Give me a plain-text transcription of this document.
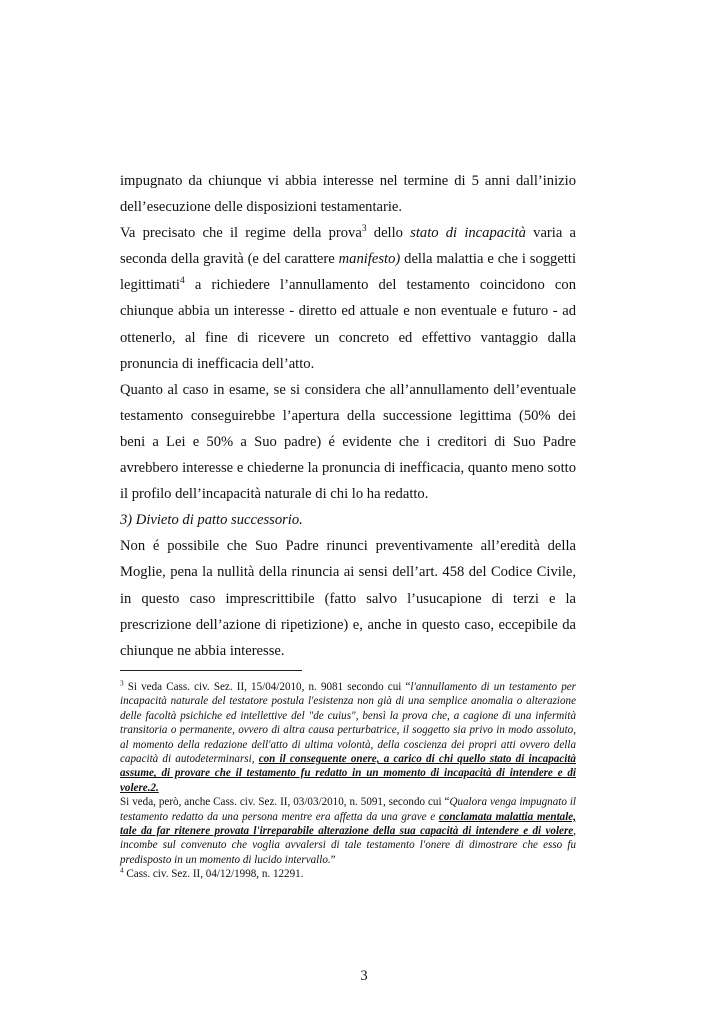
impugnato da chiunque vi abbia interesse nel termine di 5 anni dall’inizio dell’esecuzione delle disposizioni testamentarie.

Va precisato che il regime della prova$^3$ dello stato di incapacità varia a seconda della gravità (e del carattere manifesto) della malattia e che i soggetti legittimati$^4$ a richiedere l’annullamento del testamento coincidono con chiunque abbia un interesse - diretto ed attuale e non eventuale e futuro - ad ottenerlo, al fine di ricevere un concreto ed effettivo vantaggio dalla pronuncia di inefficacia dell’atto.

Quanto al caso in esame, se si considera che all’annullamento dell’eventuale testamento conseguirebbe l’apertura della successione legittima (50% dei beni a Lei e 50% a Suo padre) é evidente che i creditori di Suo Padre avrebbero interesse e chiederne la pronuncia di inefficacia, quanto meno sotto il profilo dell’incapacità naturale di chi lo ha redatto.

3) Divieto di patto successorio.

Non é possibile che Suo Padre rinunci preventivamente all’eredità della Moglie, pena la nullità della rinuncia ai sensi dell’art. 458 del Codice Civile, in questo caso imprescrittibile (fatto salvo l’usucapione di terzi e la prescrizione dell’azione di ripetizione) e, anche in questo caso, eccepibile da chiunque ne abbia interesse.

$^3$ Si veda Cass. civ. Sez. II, 15/04/2010, n. 9081 secondo cui “l'annullamento di un testamento per incapacità naturale del testatore postula l'esistenza non già di una semplice anomalia o alterazione delle facoltà psichiche ed intellettive del "de cuius", bensì la prova che, a cagione di una infermità transitoria o permanente, ovvero di altra causa perturbatrice, il soggetto sia privo in modo assoluto, al momento della redazione dell'atto di ultima volontà, della coscienza dei propri atti ovvero della capacità di autodeterminarsi, con il conseguente onere, a carico di chi quello stato di incapacità assume, di provare che il testamento fu redatto in un momento di incapacità di intendere e di volere.2.

Si veda, però, anche Cass. civ. Sez. II, 03/03/2010, n. 5091, secondo cui “Qualora venga impugnato il testamento redatto da una persona mentre era affetta da una grave e conclamata malattia mentale, tale da far ritenere provata l'irreparabile alterazione della sua capacità di intendere e di volere, incombe sul convenuto che voglia avvalersi di tale testamento l'onere di dimostrare che esso fu predisposto in un momento di lucido intervallo.”

$^4$ Cass. civ. Sez. II, 04/12/1998, n. 12291.

3
